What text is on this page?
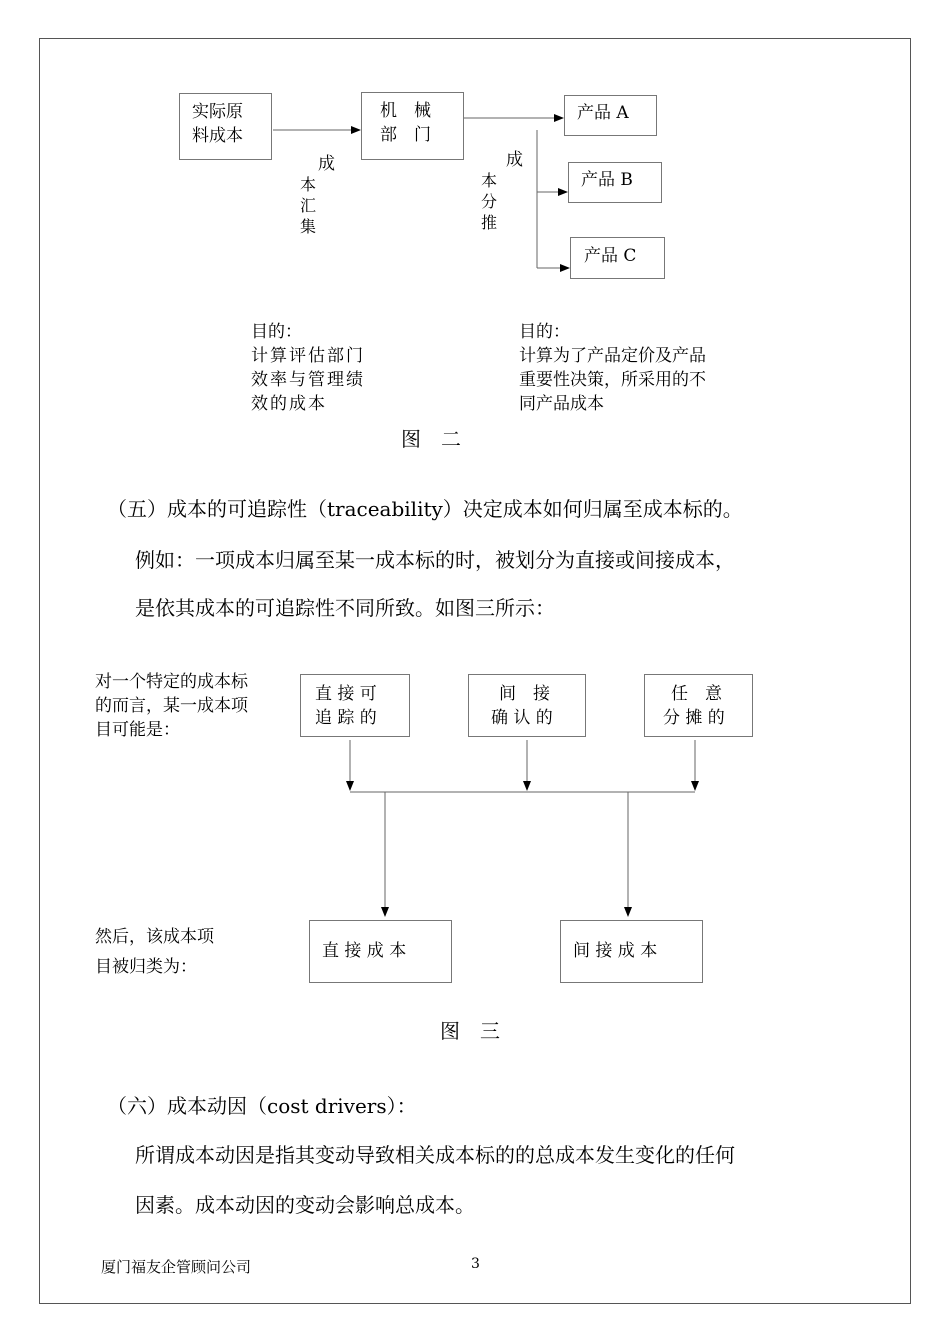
实际原料成本
机　械
部　门
产品 A
产品 B
产品 C
成
本
汇
集
成
本
分
推
目的：
计算评估部门效率与管理绩效的成本
目的：
计算为了产品定价及产品重要性决策，所采用的不同产品成本
图　二
（五）成本的可追踪性（traceability）决定成本如何归属至成本标的。
例如：一项成本归属至某一成本标的时，被划分为直接或间接成本，
是依其成本的可追踪性不同所致。如图三所示：
对一个特定的成本标的而言，某一成本项目可能是：
直 接 可
追 踪 的
间　接
确 认 的
任　意
分 摊 的
然后，该成本项
目被归类为：
直 接 成 本	间 接 成 本
图　三
（六）成本动因（cost drivers）：
所谓成本动因是指其变动导致相关成本标的的总成本发生变化的任何
因素。成本动因的变动会影响总成本。
厦门福友企管顾问公司	3
